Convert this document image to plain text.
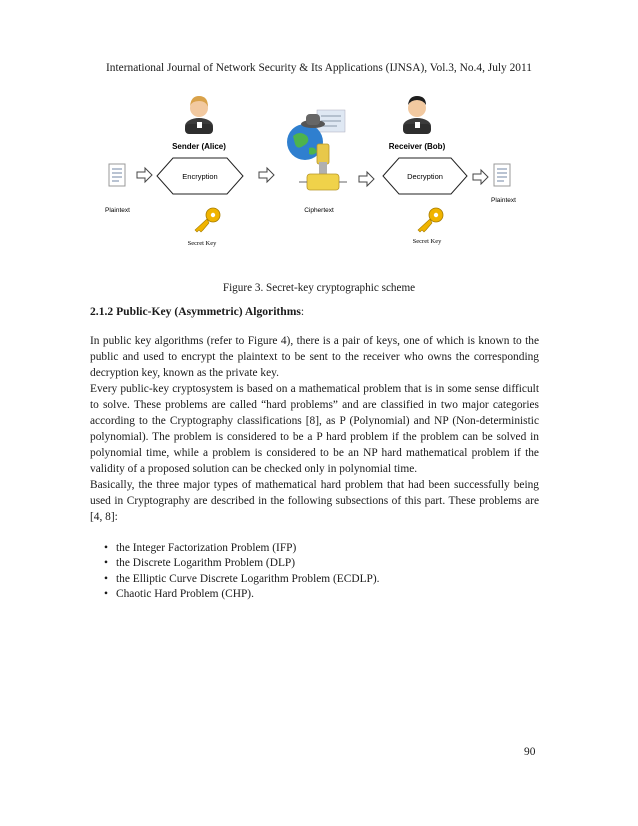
International Journal of Network Security & Its Applications (IJNSA), Vol.3, No.4, July 2011
Sender (Alice)	Receiver (Bob)
Plaintext
Encryption
Secret Key
Ciphertext
Decryption
Secret Key
Plaintext
Figure 3. Secret-key cryptographic scheme
2.1.2 Public-Key (Asymmetric) Algorithms:

In public key algorithms (refer to Figure 4), there is a pair of keys, one of which is known to the public and used to encrypt the plaintext to be sent to the receiver who owns the corresponding decryption key, known as the private key.

Every public-key cryptosystem is based on a mathematical problem that is in some sense difficult to solve. These problems are called “hard problems” and are classified in two major categories according to the Cryptography classifications [8], as P (Polynomial) and NP (Non-deterministic polynomial). The problem is considered to be a P hard problem if the problem can be solved in polynomial time, while a problem is considered to be an NP hard mathematical problem if the validity of a proposed solution can be checked only in polynomial time.

Basically, the three major types of mathematical hard problem that had been successfully being used in Cryptography are described in the following subsections of this part. These problems are [4, 8]:

• the Integer Factorization Problem (IFP)
• the Discrete Logarithm Problem (DLP)
• the Elliptic Curve Discrete Logarithm Problem (ECDLP).
• Chaotic Hard Problem (CHP).
90
